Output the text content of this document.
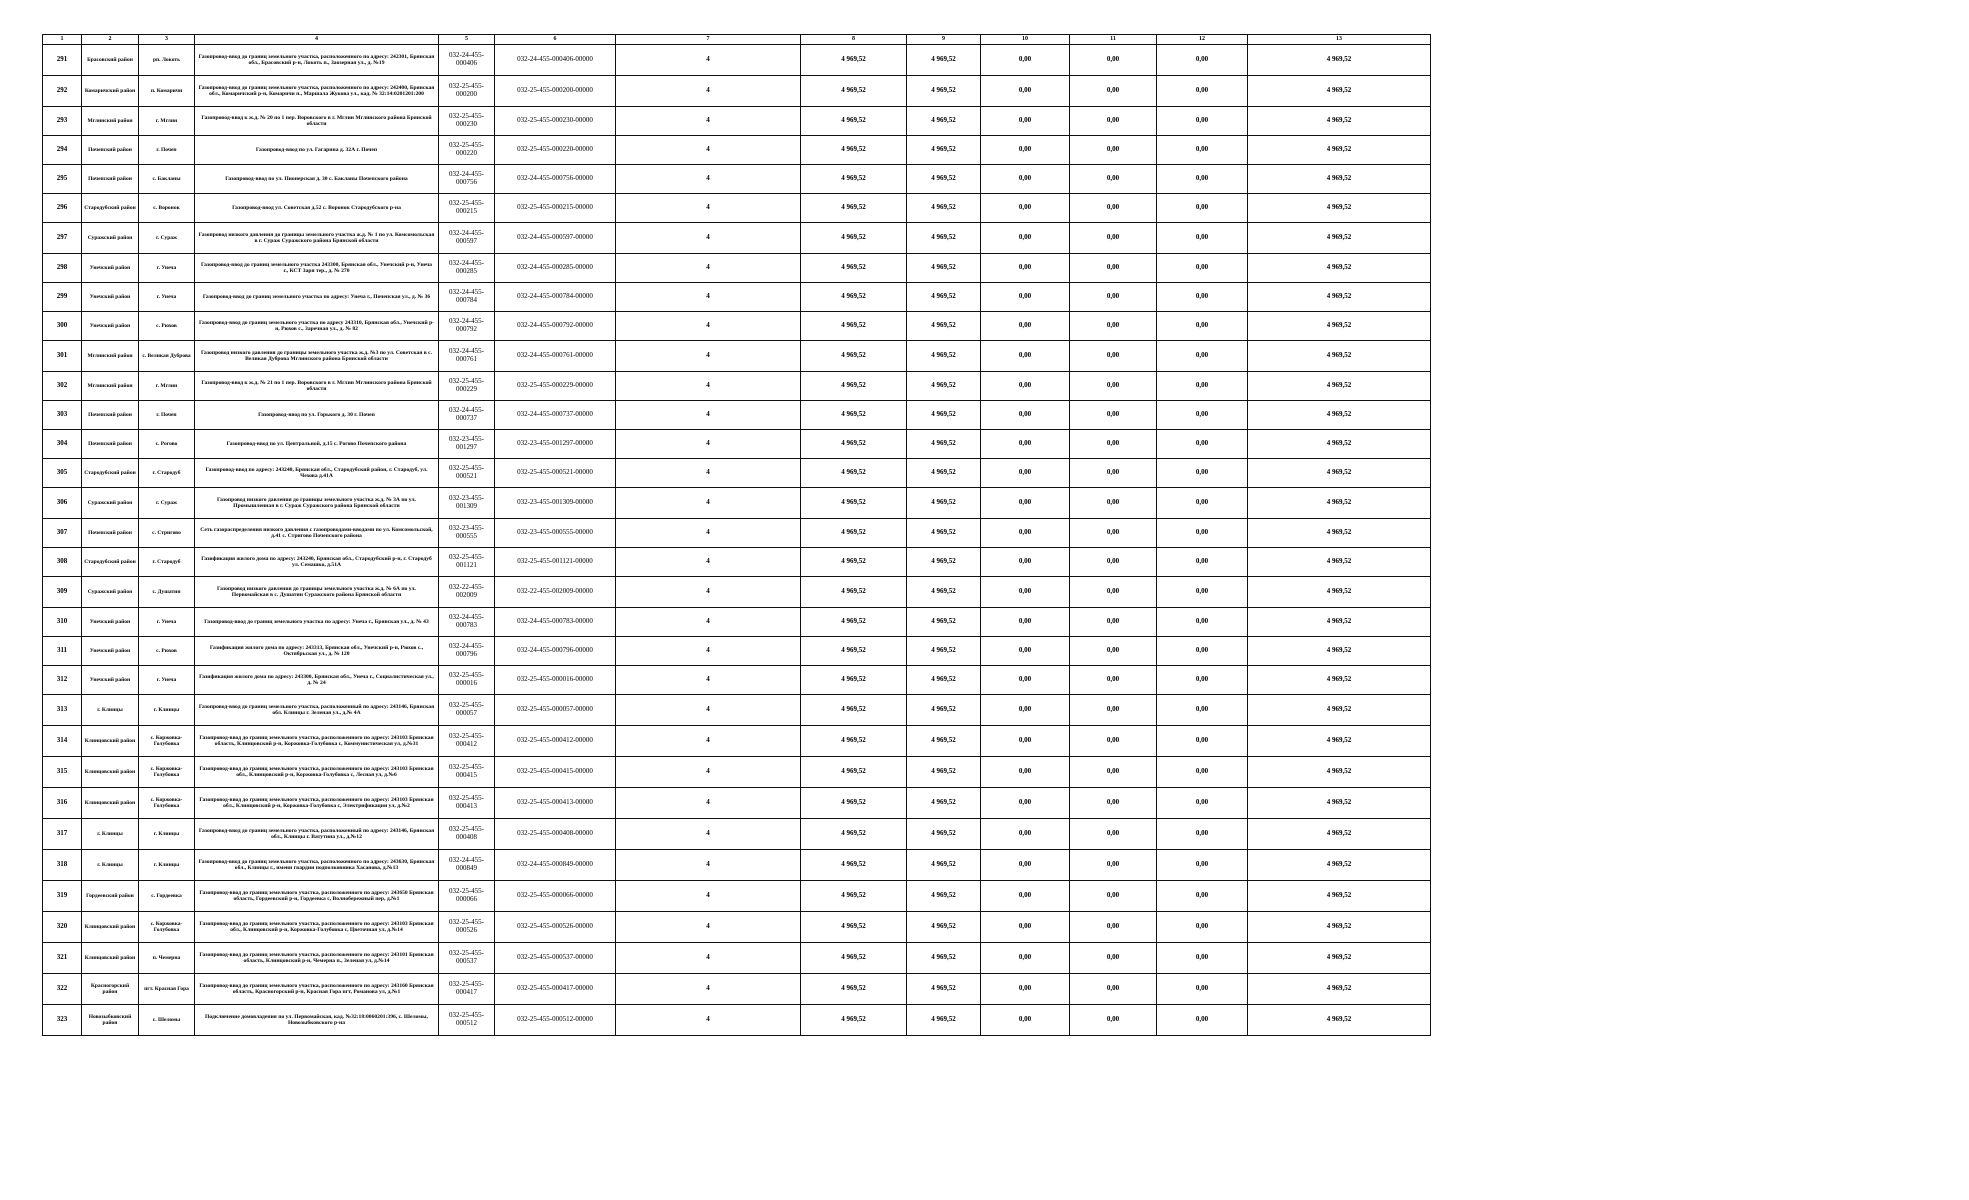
1	2	3	4	5	6	7	8	9	10	11	12	13
291	Брасовский район	рп. Локоть	Газопровод-ввод до границ земельного участка, расположенного по адресу: 242301, Брянская обл., Брасовский р-н, Локоть п., Заозерная ул., д. №19	032-24-455-000406	032-24-455-000406-00000	4	4 969,52	4 969,52	0,00	0,00	0,00	4 969,52
292	Комаричский район	п. Комаричи	Газопровод-ввод до границ земельного участка, расположенного по адресу: 242400, Брянская обл., Комаричский р-н, Комаричи п., Маршала Жукова ул., кад. № 32:14:0201201:200	032-25-455-000200	032-25-455-000200-00000	4	4 969,52	4 969,52	0,00	0,00	0,00	4 969,52
293	Мглинский район	г. Мглин	Газопровод-ввод к ж.д. № 20 по 1 пер. Воровского в г. Мглин Мглинского района Брянской области	032-25-455-000230	032-25-455-000230-00000	4	4 969,52	4 969,52	0,00	0,00	0,00	4 969,52
294	Почепский район	г. Почеп	Газопровод-ввод по ул. Гагарина д. 32А г. Почеп	032-25-455-000220	032-25-455-000220-00000	4	4 969,52	4 969,52	0,00	0,00	0,00	4 969,52
295	Почепский район	с. Бакланы	Газопровод-ввод по ул. Пионерская д. 30 с. Бакланы Почепского района	032-24-455-000756	032-24-455-000756-00000	4	4 969,52	4 969,52	0,00	0,00	0,00	4 969,52
296	Стародубский район	с. Воронок	Газопровод-ввод ул. Советская д.52 с. Воронок Стародубского р-на	032-25-455-000215	032-25-455-000215-00000	4	4 969,52	4 969,52	0,00	0,00	0,00	4 969,52
297	Суражский район	г. Сураж	Газопровод низкого давления до границы земельного участка ж.д. № 1 по ул. Комсомольская в г. Сураж Суражского района Брянской области	032-24-455-000597	032-24-455-000597-00000	4	4 969,52	4 969,52	0,00	0,00	0,00	4 969,52
298	Унечский район	г. Унеча	Газопровод-ввод до границ земельного участка 243300, Брянская обл., Унечский р-н, Унеча г., КСТ Заря тер., д. № 270	032-24-455-000285	032-24-455-000285-00000	4	4 969,52	4 969,52	0,00	0,00	0,00	4 969,52
299	Унечский район	г. Унеча	Газопровод-ввод до границ земельного участка по адресу: Унеча г., Почепская ул., д. № 36	032-24-455-000784	032-24-455-000784-00000	4	4 969,52	4 969,52	0,00	0,00	0,00	4 969,52
300	Унечский район	с. Рюхов	Газопровод-ввод до границ земельного участка по адресу 243310, Брянская обл., Унечский р-н, Рюхов с., Заречная ул., д. № 82	032-24-455-000792	032-24-455-000792-00000	4	4 969,52	4 969,52	0,00	0,00	0,00	4 969,52
301	Мглинский район	с. Великая Дуброва	Газопровод низкого давления до границы земельного участка ж.д. №3 по ул. Советская в с. Великая Дуброва Мглинского района Брянской области	032-24-455-000761	032-24-455-000761-00000	4	4 969,52	4 969,52	0,00	0,00	0,00	4 969,52
302	Мглинский район	г. Мглин	Газопровод-ввод к ж.д. № 21 по 1 пер. Воровского в г. Мглин Мглинского района Брянской области	032-25-455-000229	032-25-455-000229-00000	4	4 969,52	4 969,52	0,00	0,00	0,00	4 969,52
303	Почепский район	г. Почеп	Газопровод-ввод по ул. Горького д. 30 г. Почеп	032-24-455-000737	032-24-455-000737-00000	4	4 969,52	4 969,52	0,00	0,00	0,00	4 969,52
304	Почепский район	с. Рогово	Газопровод-ввод по ул. Центральной, д.15 с. Рогово Почепского района	032-23-455-001297	032-23-455-001297-00000	4	4 969,52	4 969,52	0,00	0,00	0,00	4 969,52
305	Стародубский район	г. Стародуб	Газопровод-ввод по адресу: 243240, Брянская обл., Стародубский район, г. Стародуб, ул. Чехова д.41А	032-25-455-000521	032-25-455-000521-00000	4	4 969,52	4 969,52	0,00	0,00	0,00	4 969,52
306	Суражский район	г. Сураж	Газопровод низкого давления до границы земельного участка ж.д. № 3А по ул. Промышленная в г. Сураж Суражского района Брянской области	032-23-455-001309	032-23-455-001309-00000	4	4 969,52	4 969,52	0,00	0,00	0,00	4 969,52
307	Почепский район	с. Стригово	Сеть газораспределения низкого давления с газопроводами-вводами по ул. Комсомольской, д.41 с. Стригово Почепского района	032-23-455-000555	032-23-455-000555-00000	4	4 969,52	4 969,52	0,00	0,00	0,00	4 969,52
308	Стародубский район	г. Стародуб	Газификация жилого дома по адресу: 243240, Брянская обл., Стародубский р-н, г. Стародуб ул. Семашко, д.51А	032-25-455-001121	032-25-455-001121-00000	4	4 969,52	4 969,52	0,00	0,00	0,00	4 969,52
309	Суражский район	с. Душатин	Газопровод низкого давления до границы земельного участка ж.д. № 6А по ул. Первомайская в с. Душатин Суражского района Брянской области	032-22-455-002009	032-22-455-002009-00000	4	4 969,52	4 969,52	0,00	0,00	0,00	4 969,52
310	Унечский район	г. Унеча	Газопровод-ввод до границ земельного участка по адресу: Унеча г., Брянская ул., д. № 43	032-24-455-000783	032-24-455-000783-00000	4	4 969,52	4 969,52	0,00	0,00	0,00	4 969,52
311	Унечский район	с. Рюхов	Газификация жилого дома по адресу: 243313, Брянская обл., Унечский р-н, Рюхов с., Октябрьская ул., д. № 120	032-24-455-000796	032-24-455-000796-00000	4	4 969,52	4 969,52	0,00	0,00	0,00	4 969,52
312	Унечский район	г. Унеча	Газификация жилого дома по адресу: 243300, Брянская обл., Унеча г., Социалистическая ул., д. № 24	032-25-455-000016	032-25-455-000016-00000	4	4 969,52	4 969,52	0,00	0,00	0,00	4 969,52
313	г. Клинцы	г. Клинцы	Газопровод-ввод до границ земельного участка, расположенный по адресу: 243146, Брянская обл. Клинцы г. Зеленая ул., д.№ 4А	032-25-455-000057	032-25-455-000057-00000	4	4 969,52	4 969,52	0,00	0,00	0,00	4 969,52
314	Клинцовский район	с. Коржовка-Голубовка	Газопровод-ввод до границ земельного участка, расположенного по адресу: 243103 Брянская область, Клинцовский р-н, Коржовка-Голубовка с, Коммунистическая ул, д.№31	032-25-455-000412	032-25-455-000412-00000	4	4 969,52	4 969,52	0,00	0,00	0,00	4 969,52
315	Клинцовский район	с. Коржовка-Голубовка	Газопровод-ввод до границ земельного участка, расположенного по адресу: 243103 Брянская обл., Клинцовский р-н, Коржовка-Голубовка с, Лесная ул, д.№6	032-25-455-000415	032-25-455-000415-00000	4	4 969,52	4 969,52	0,00	0,00	0,00	4 969,52
316	Клинцовский район	с. Коржовка-Голубовка	Газопровод-ввод до границ земельного участка, расположенного по адресу: 243103 Брянская обл., Клинцовский р-н, Коржовка-Голубовка с, Электрификации ул, д.№2	032-25-455-000413	032-25-455-000413-00000	4	4 969,52	4 969,52	0,00	0,00	0,00	4 969,52
317	г. Клинцы	г. Клинцы	Газопровод-ввод до границ земельного участка, расположенный по адресу: 243146, Брянская обл., Клинцы г. Ватутина ул., д.№12	032-25-455-000408	032-25-455-000408-00000	4	4 969,52	4 969,52	0,00	0,00	0,00	4 969,52
318	г. Клинцы	г. Клинцы	Газопровод-ввод до границ земельного участка, расположенного по адресу: 243630, Брянская обл., Клинцы г., имени гвардии подполковника Хасанова, д.№13	032-24-455-000849	032-24-455-000849-00000	4	4 969,52	4 969,52	0,00	0,00	0,00	4 969,52
319	Гордеевский район	с. Гордеевка	Газопровод-ввод до границ земельного участка, расположенного по адресу: 243650 Брянская область, Гордеевский р-н, Гордеевка с, Волнобережный пер, д.№1	032-25-455-000066	032-25-455-000066-00000	4	4 969,52	4 969,52	0,00	0,00	0,00	4 969,52
320	Клинцовский район	с. Коржовка-Голубовка	Газопровод-ввод до границ земельного участка, расположенного по адресу: 243103 Брянская обл., Клинцовский р-н, Коржовка-Голубовка с, Цветочная ул, д.№14	032-25-455-000526	032-25-455-000526-00000	4	4 969,52	4 969,52	0,00	0,00	0,00	4 969,52
321	Клинцовский район	п. Чемерна	Газопровод-ввод до границ земельного участка, расположенного по адресу: 243101 Брянская область, Клинцовский р-н, Чемерна п., Зеленая ул, д.№14	032-25-455-000537	032-25-455-000537-00000	4	4 969,52	4 969,52	0,00	0,00	0,00	4 969,52
322	Красногорский район	пгт. Красная Гора	Газопровод-ввод до границ земельного участка, расположенного по адресу: 243160 Брянская область, Красногорский р-н, Красная Гора пгт, Романова ул, д.№1	032-25-455-000417	032-25-455-000417-00000	4	4 969,52	4 969,52	0,00	0,00	0,00	4 969,52
323	Новозыбковский район	с. Шеломы	Подключение домовладения по ул. Первомайская, кад. №32:18:0060201:396, с. Шеломы, Новозыбковского р-на	032-25-455-000512	032-25-455-000512-00000	4	4 969,52	4 969,52	0,00	0,00	0,00	4 969,52
